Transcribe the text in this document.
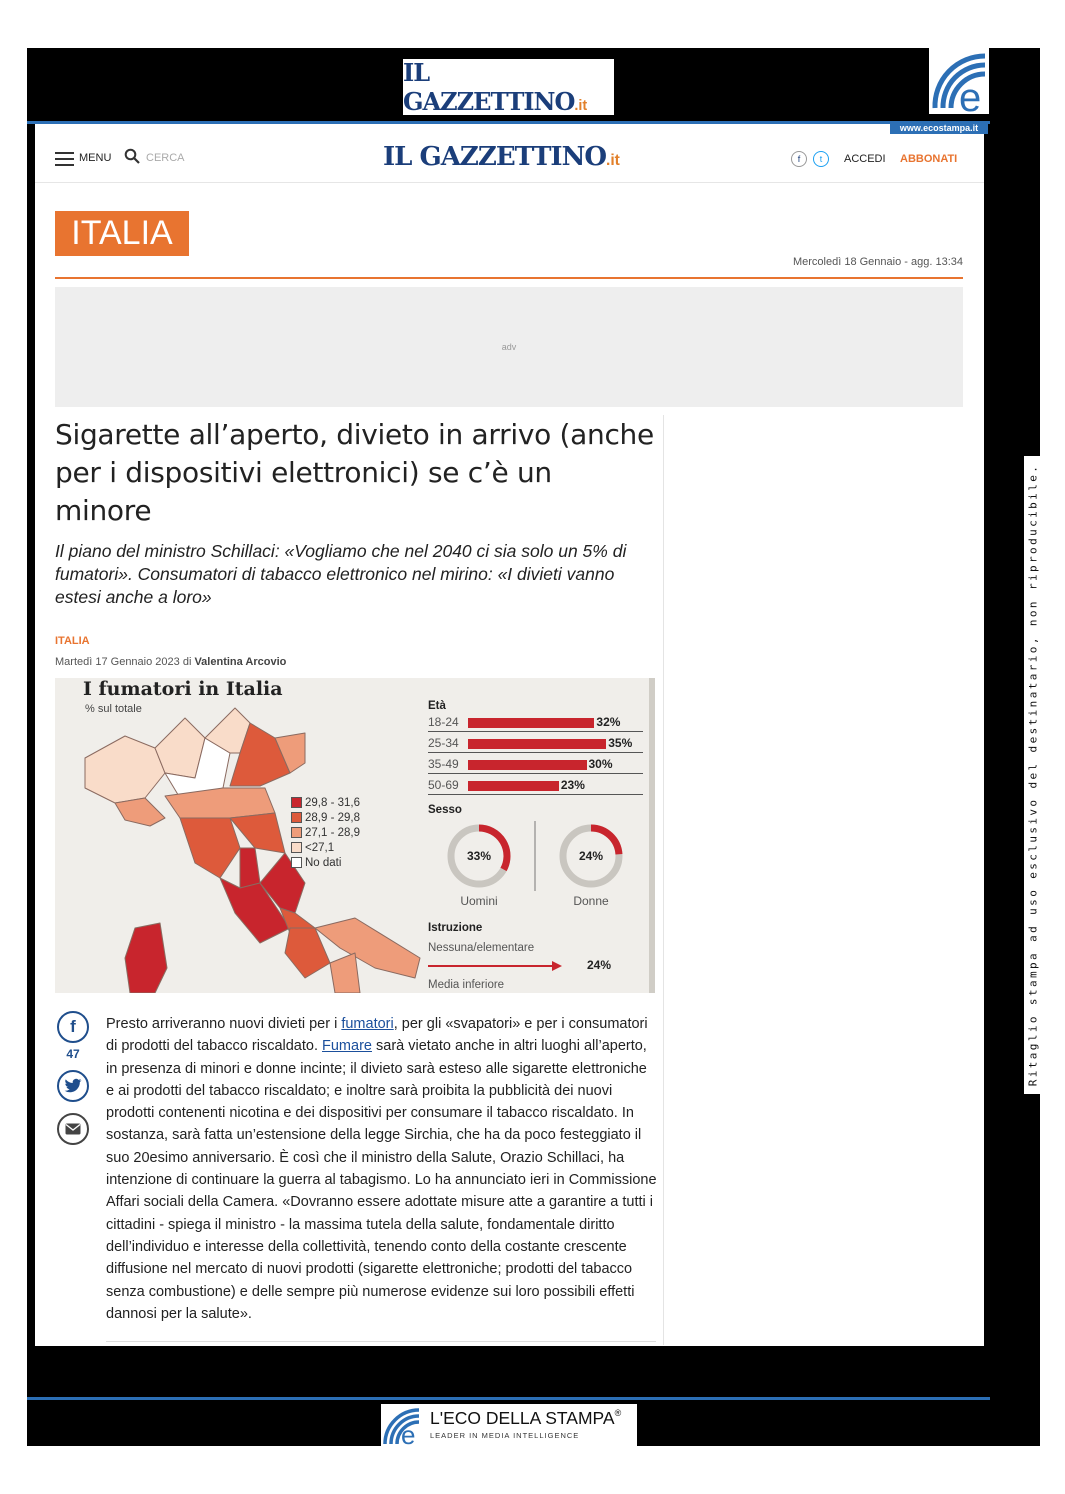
IL GAZZETTINO.it	e
www.ecostampa.it
MENU	CERCA	IL GAZZETTINO.it	f	t	ACCEDI ABBONATI
ITALIA
Mercoledì 18 Gennaio - agg. 13:34
adv
Sigarette all’aperto, divieto in arrivo (anche per i dispositivi elettronici) se c’è un minore
Il piano del ministro Schillaci: «Vogliamo che nel 2040 ci sia solo un 5% di fumatori». Consumatori di tabacco elettronico nel mirino: «I divieti vanno estesi anche a loro»
ITALIA
Martedì 17 Gennaio 2023 di Valentina Arcovio
I fumatori in Italia
% sul totale
29,8 - 31,6
28,9 - 29,8
27,1 - 28,9
<27,1
No dati
Età
Sesso
33%	24%
Uomini	Donne
Istruzione
Nessuna/elementare
24%
Media inferiore
18-24	32%
25-34	35%
35-49	30%
50-69	23%
f
47
Presto arriveranno nuovi divieti per i fumatori, per gli «svapatori» e per i consumatori di prodotti del tabacco riscaldato. Fumare sarà vietato anche in altri luoghi all’aperto, in presenza di minori e donne incinte; il divieto sarà esteso alle sigarette elettroniche e ai prodotti del tabacco riscaldato; e inoltre sarà proibita la pubblicità dei nuovi prodotti contenenti nicotina e dei dispositivi per consumare il tabacco riscaldato. In sostanza, sarà fatta un’estensione della legge Sirchia, che ha da poco festeggiato il suo 20esimo anniversario. È così che il ministro della Salute, Orazio Schillaci, ha intenzione di continuare la guerra al tabagismo. Lo ha annunciato ieri in Commissione Affari sociali della Camera. «Dovranno essere adottate misure atte a garantire a tutti i cittadini - spiega il ministro - la massima tutela della salute, fondamentale diritto dell’individuo e interesse della collettività, tenendo conto della costante crescente diffusione nel mercato di nuovi prodotti (sigarette elettroniche; prodotti del tabacco senza combustione) e delle sempre più numerose evidenze sui loro possibili effetti dannosi per la salute».
e
L'ECO DELLA STAMPA®
LEADER IN MEDIA INTELLIGENCE
Ritaglio stampa ad uso esclusivo del destinatario, non riproducibile.
